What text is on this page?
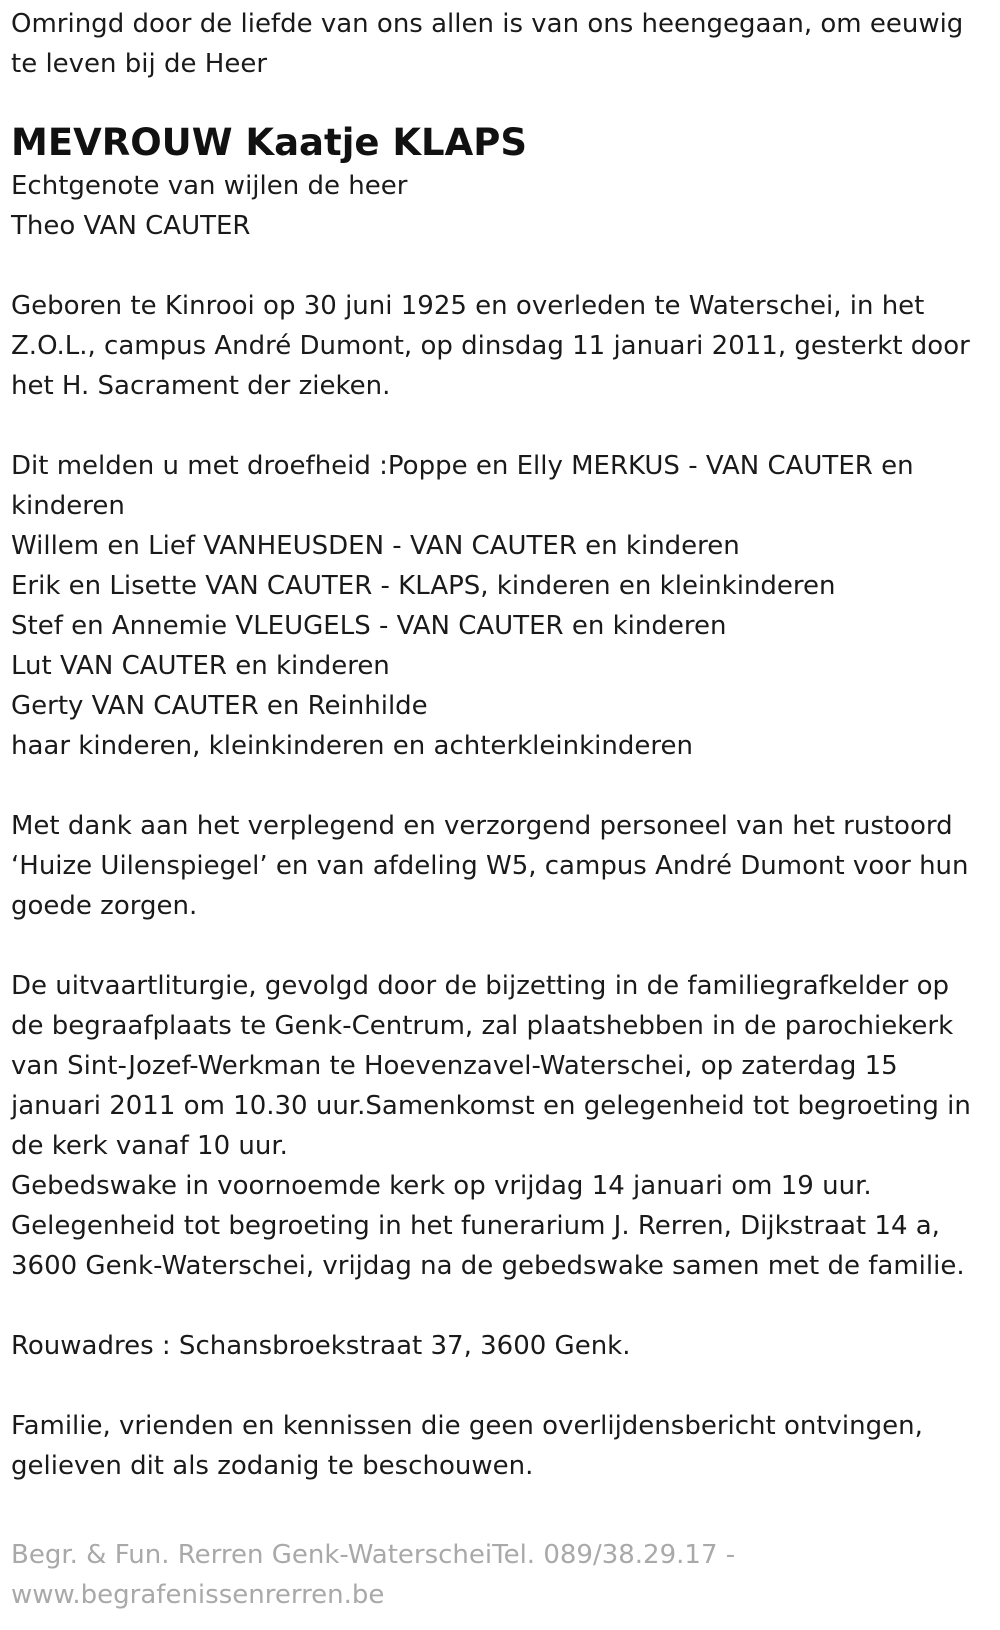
Omringd door de liefde van ons allen is van ons heengegaan, om eeuwig

te leven bij de Heer

MEVROUW Kaatje KLAPS

Echtgenote van wijlen de heer

Theo VAN CAUTER

Geboren te Kinrooi op 30 juni 1925 en overleden te Waterschei, in het

Z.O.L., campus André Dumont, op dinsdag 11 januari 2011, gesterkt door

het H. Sacrament der zieken.

Dit melden u met droefheid :Poppe en Elly MERKUS - VAN CAUTER en

kinderen

Willem en Lief VANHEUSDEN - VAN CAUTER en kinderen

Erik en Lisette VAN CAUTER - KLAPS, kinderen en kleinkinderen

Stef en Annemie VLEUGELS - VAN CAUTER en kinderen

Lut VAN CAUTER en kinderen

Gerty VAN CAUTER en Reinhilde

haar kinderen, kleinkinderen en achterkleinkinderen

Met dank aan het verplegend en verzorgend personeel van het rustoord

‘Huize Uilenspiegel’ en van afdeling W5, campus André Dumont voor hun

goede zorgen.

De uitvaartliturgie, gevolgd door de bijzetting in de familiegrafkelder op

de begraafplaats te Genk-Centrum, zal plaatshebben in de parochiekerk

van Sint-Jozef-Werkman te Hoevenzavel-Waterschei, op zaterdag 15

januari 2011 om 10.30 uur.Samenkomst en gelegenheid tot begroeting in

de kerk vanaf 10 uur.

Gebedswake in voornoemde kerk op vrijdag 14 januari om 19 uur.

Gelegenheid tot begroeting in het funerarium J. Rerren, Dijkstraat 14 a,

3600 Genk-Waterschei, vrijdag na de gebedswake samen met de familie.

Rouwadres : Schansbroekstraat 37, 3600 Genk.

Familie, vrienden en kennissen die geen overlijdensbericht ontvingen,

gelieven dit als zodanig te beschouwen.

Begr. & Fun. Rerren Genk-WaterscheiTel. 089/38.29.17 -

www.begrafenissenrerren.be
